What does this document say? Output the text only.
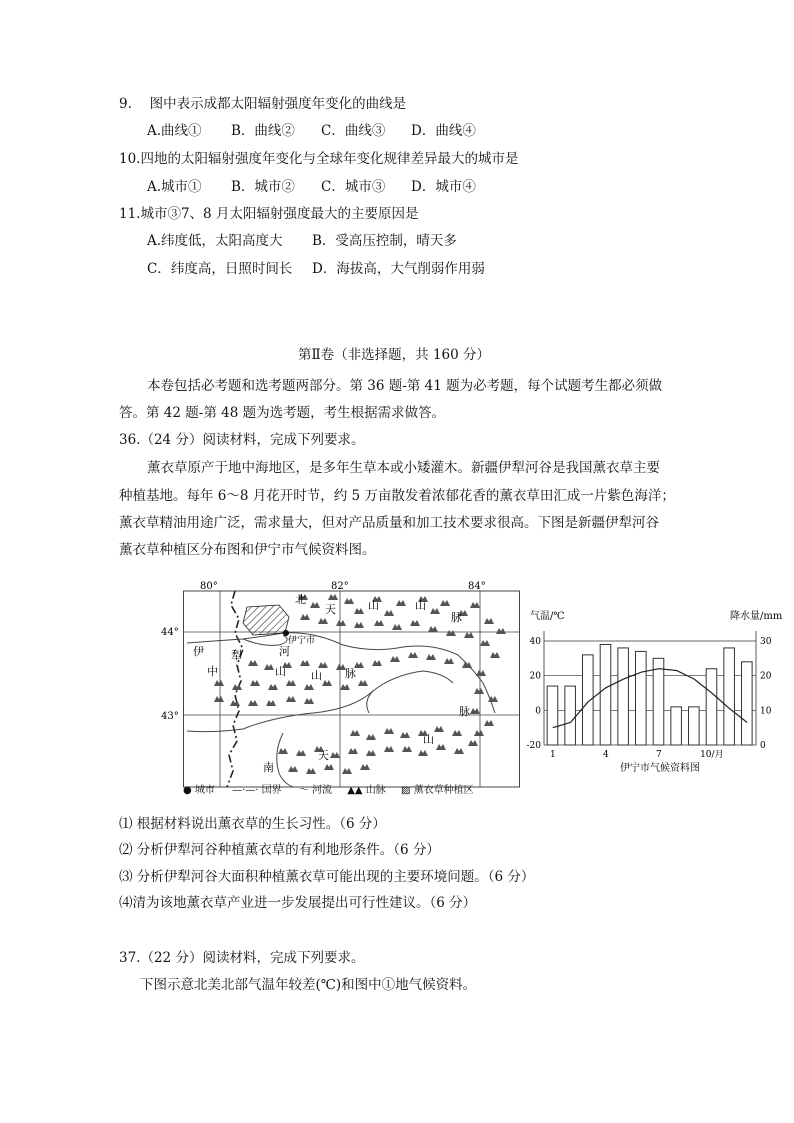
9.　 图中表示成都太阳辐射强度年变化的曲线是
A.曲线① B．曲线② C．曲线③ D．曲线④
10.四地的太阳辐射强度年变化与全球年变化规律差异最大的城市是
A.城市① B．城市② C．城市③ D．城市④
11.城市③7、8 月太阳辐射强度最大的主要原因是
A.纬度低，太阳高度大 B．受高压控制，晴天多
C．纬度高，日照时间长 D．海拔高，大气削弱作用弱
第Ⅱ卷（非选择题，共 160 分）
本卷包括必考题和选考题两部分。第 36 题-第 41 题为必考题，每个试题考生都必须做
答。第 42 题-第 48 题为选考题，考生根据需求做答。
36.（24 分）阅读材料，完成下列要求。
薰衣草原产于地中海地区，是多年生草本或小矮灌木。新疆伊犁河谷是我国薰衣草主要
种植基地。每年 6～8 月花开时节，约 5 万亩散发着浓郁花香的薰衣草田汇成一片紫色海洋；
薰衣草精油用途广泛，需求量大，但对产品质量和加工技术要求很高。下图是新疆伊犁河谷
薰衣草种植区分布图和伊宁市气候资料图。
80°	82°	84°
44°
43°
伊宁市
北
天	山	山
脉
伊 犁
中
河
山 山 脉
脉
山
天
南
● 城市 —·—· 国界 〜 河流 ▲▲ 山脉 ▨ 薰衣草种植区
气温/℃	降水量/mm
伊宁市气候资料图
40	30
20	20
0	10
-20	0
1	4	7	10/月
⑴ 根据材料说出薰衣草的生长习性。（6 分）
⑵ 分析伊犁河谷种植薰衣草的有利地形条件。（6 分）
⑶ 分析伊犁河谷大面积种植薰衣草可能出现的主要环境问题。（6 分）
⑷清为该地薰衣草产业进一步发展提出可行性建议。（6 分）
37.（22 分）阅读材料，完成下列要求。
下图示意北美北部气温年较差(℃)和图中①地气候资料。
